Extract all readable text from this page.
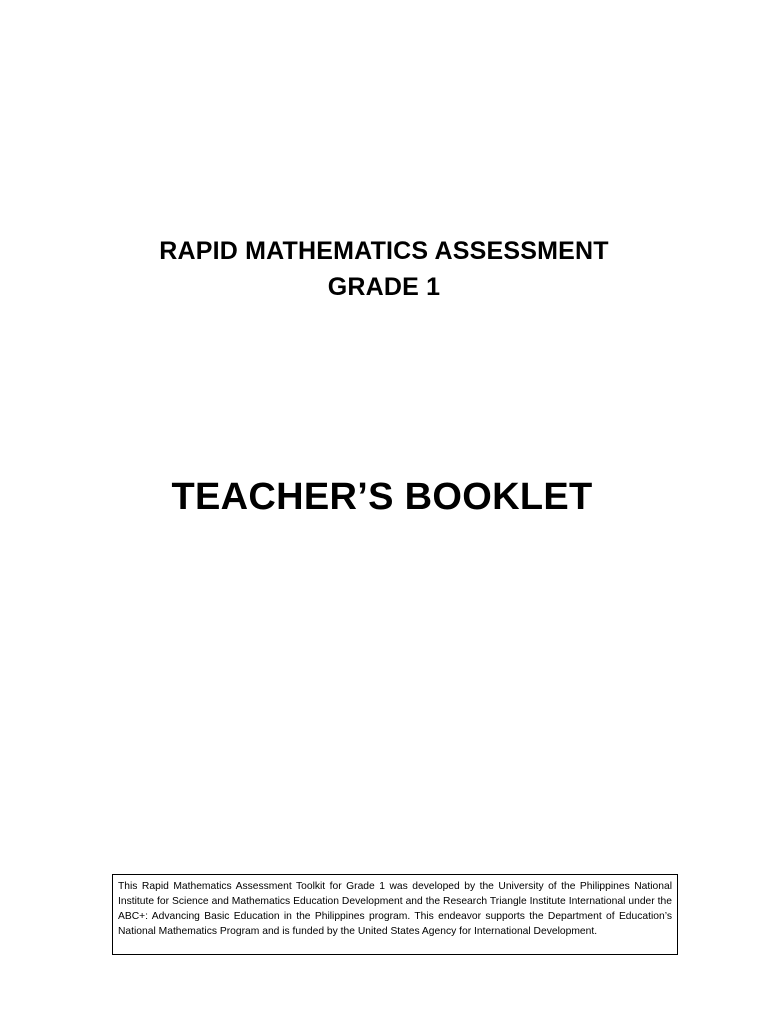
RAPID MATHEMATICS ASSESSMENT
GRADE 1
TEACHER’S BOOKLET
This Rapid Mathematics Assessment Toolkit for Grade 1 was developed by the University of the Philippines National Institute for Science and Mathematics Education Development and the Research Triangle Institute International under the ABC+: Advancing Basic Education in the Philippines program. This endeavor supports the Department of Education’s National Mathematics Program and is funded by the United States Agency for International Development.
